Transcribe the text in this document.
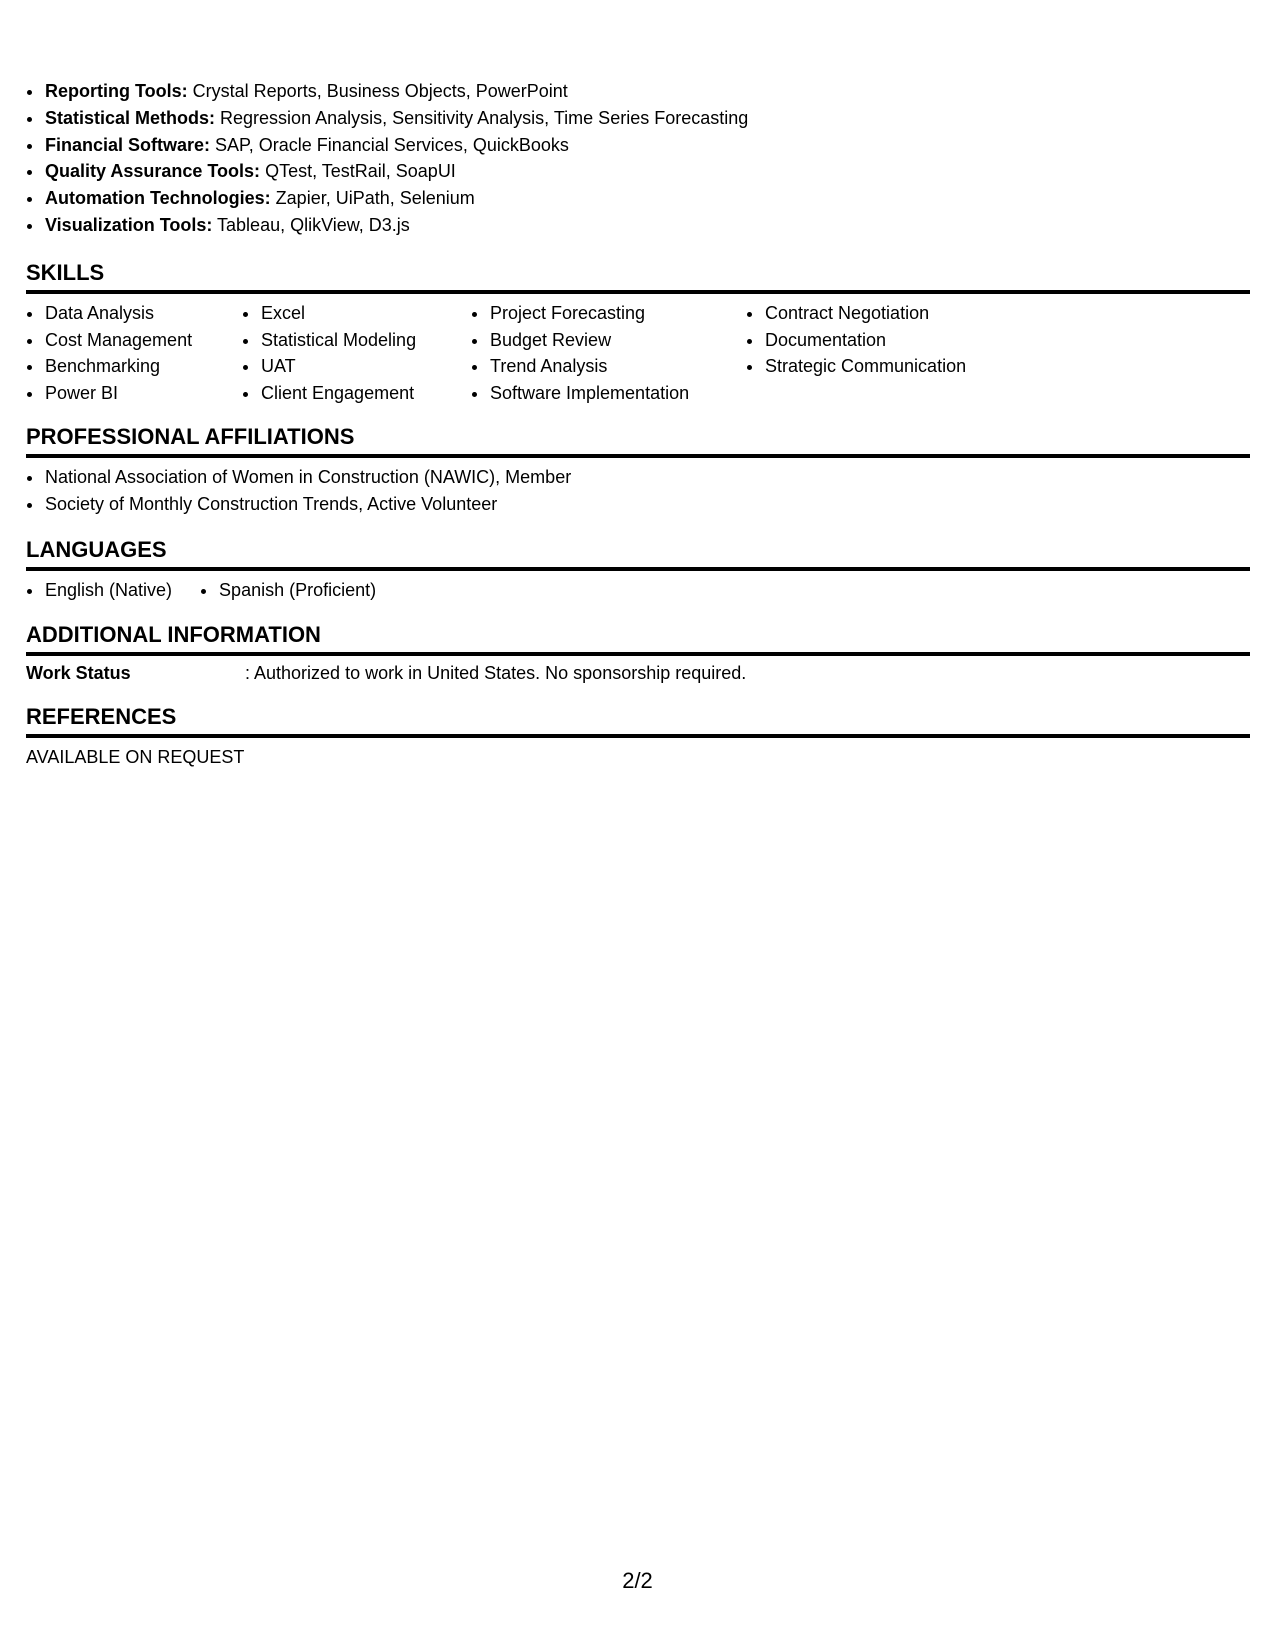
• Reporting Tools: Crystal Reports, Business Objects, PowerPoint
• Statistical Methods: Regression Analysis, Sensitivity Analysis, Time Series Forecasting
• Financial Software: SAP, Oracle Financial Services, QuickBooks
• Quality Assurance Tools: QTest, TestRail, SoapUI
• Automation Technologies: Zapier, UiPath, Selenium
• Visualization Tools: Tableau, QlikView, D3.js
SKILLS
• Data Analysis
• Cost Management
• Benchmarking
• Power BI
• Excel
• Statistical Modeling
• UAT
• Client Engagement
• Project Forecasting
• Budget Review
• Trend Analysis
• Software Implementation
• Contract Negotiation
• Documentation
• Strategic Communication
PROFESSIONAL AFFILIATIONS
• National Association of Women in Construction (NAWIC), Member
• Society of Monthly Construction Trends, Active Volunteer
LANGUAGES
• English (Native)
•	Spanish (Proficient)
ADDITIONAL INFORMATION
Work Status	: Authorized to work in United States. No sponsorship required.
REFERENCES
AVAILABLE ON REQUEST
2/2
